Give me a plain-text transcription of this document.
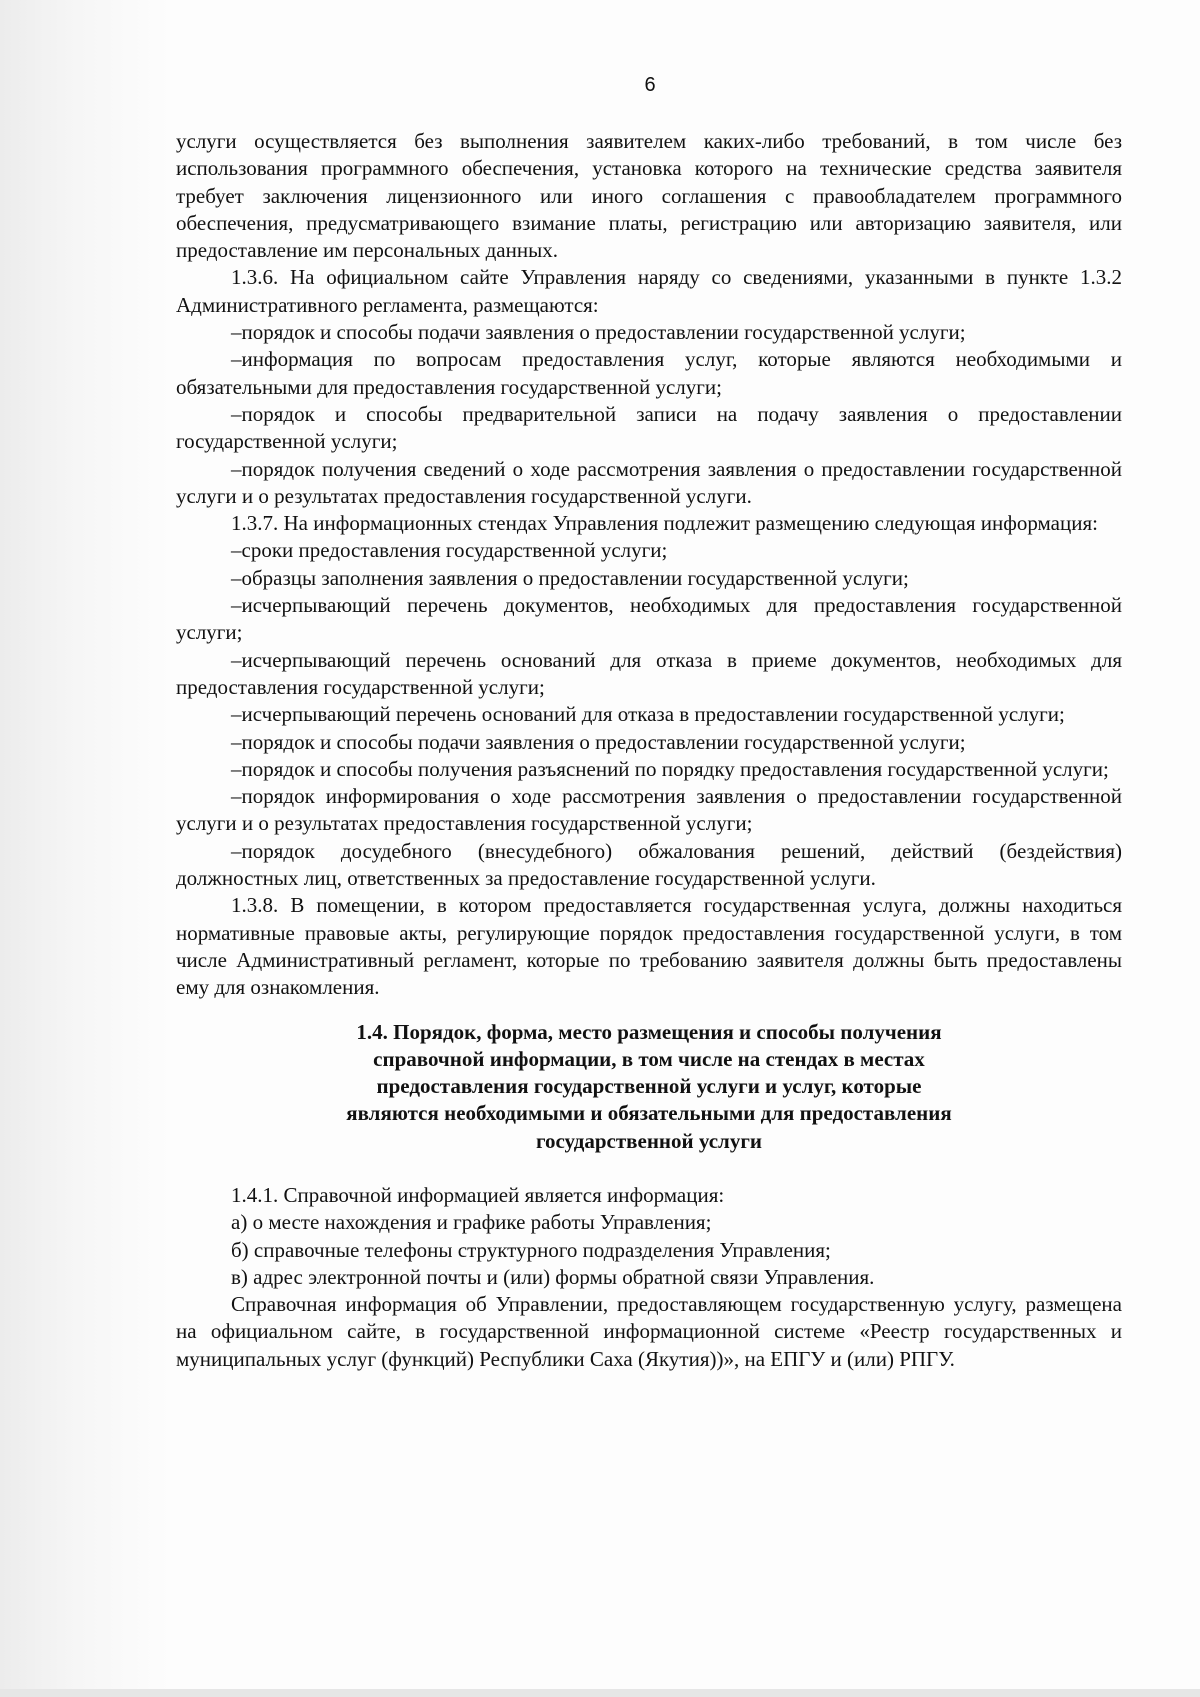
6

услуги осуществляется без выполнения заявителем каких-либо требований, в том числе без использования программного обеспечения, установка которого на технические средства заявителя требует заключения лицензионного или иного соглашения с правообладателем программного обеспечения, предусматривающего взимание платы, регистрацию или авторизацию заявителя, или предоставление им персональных данных.

1.3.6. На официальном сайте Управления наряду со сведениями, указанными в пункте 1.3.2 Административного регламента, размещаются:

–порядок и способы подачи заявления о предоставлении государственной услуги;

–информация по вопросам предоставления услуг, которые являются необходимыми и обязательными для предоставления государственной услуги;

–порядок и способы предварительной записи на подачу заявления о предоставлении государственной услуги;

–порядок получения сведений о ходе рассмотрения заявления о предоставлении государственной услуги и о результатах предоставления государственной услуги.

1.3.7. На информационных стендах Управления подлежит размещению следующая информация:

–сроки предоставления государственной услуги;

–образцы заполнения заявления о предоставлении государственной услуги;

–исчерпывающий перечень документов, необходимых для предоставления государственной услуги;

–исчерпывающий перечень оснований для отказа в приеме документов, необходимых для предоставления государственной услуги;

–исчерпывающий перечень оснований для отказа в предоставлении государственной услуги;

–порядок и способы подачи заявления о предоставлении государственной услуги;

–порядок и способы получения разъяснений по порядку предоставления государственной услуги;

–порядок информирования о ходе рассмотрения заявления о предоставлении государственной услуги и о результатах предоставления государственной услуги;

–порядок досудебного (внесудебного) обжалования решений, действий (бездействия) должностных лиц, ответственных за предоставление государственной услуги.

1.3.8. В помещении, в котором предоставляется государственная услуга, должны находиться нормативные правовые акты, регулирующие порядок предоставления государственной услуги, в том числе Административный регламент, которые по требованию заявителя должны быть предоставлены ему для ознакомления.

1.4. Порядок, форма, место размещения и способы получения
справочной информации, в том числе на стендах в местах
предоставления государственной услуги и услуг, которые
являются необходимыми и обязательными для предоставления
государственной услуги

1.4.1. Справочной информацией является информация:

а) о месте нахождения и графике работы Управления;

б) справочные телефоны структурного подразделения Управления;

в) адрес электронной почты и (или) формы обратной связи Управления.

Справочная информация об Управлении, предоставляющем государственную услугу, размещена на официальном сайте, в государственной информационной системе «Реестр государственных и муниципальных услуг (функций) Республики Саха (Якутия))», на ЕПГУ и (или) РПГУ.
